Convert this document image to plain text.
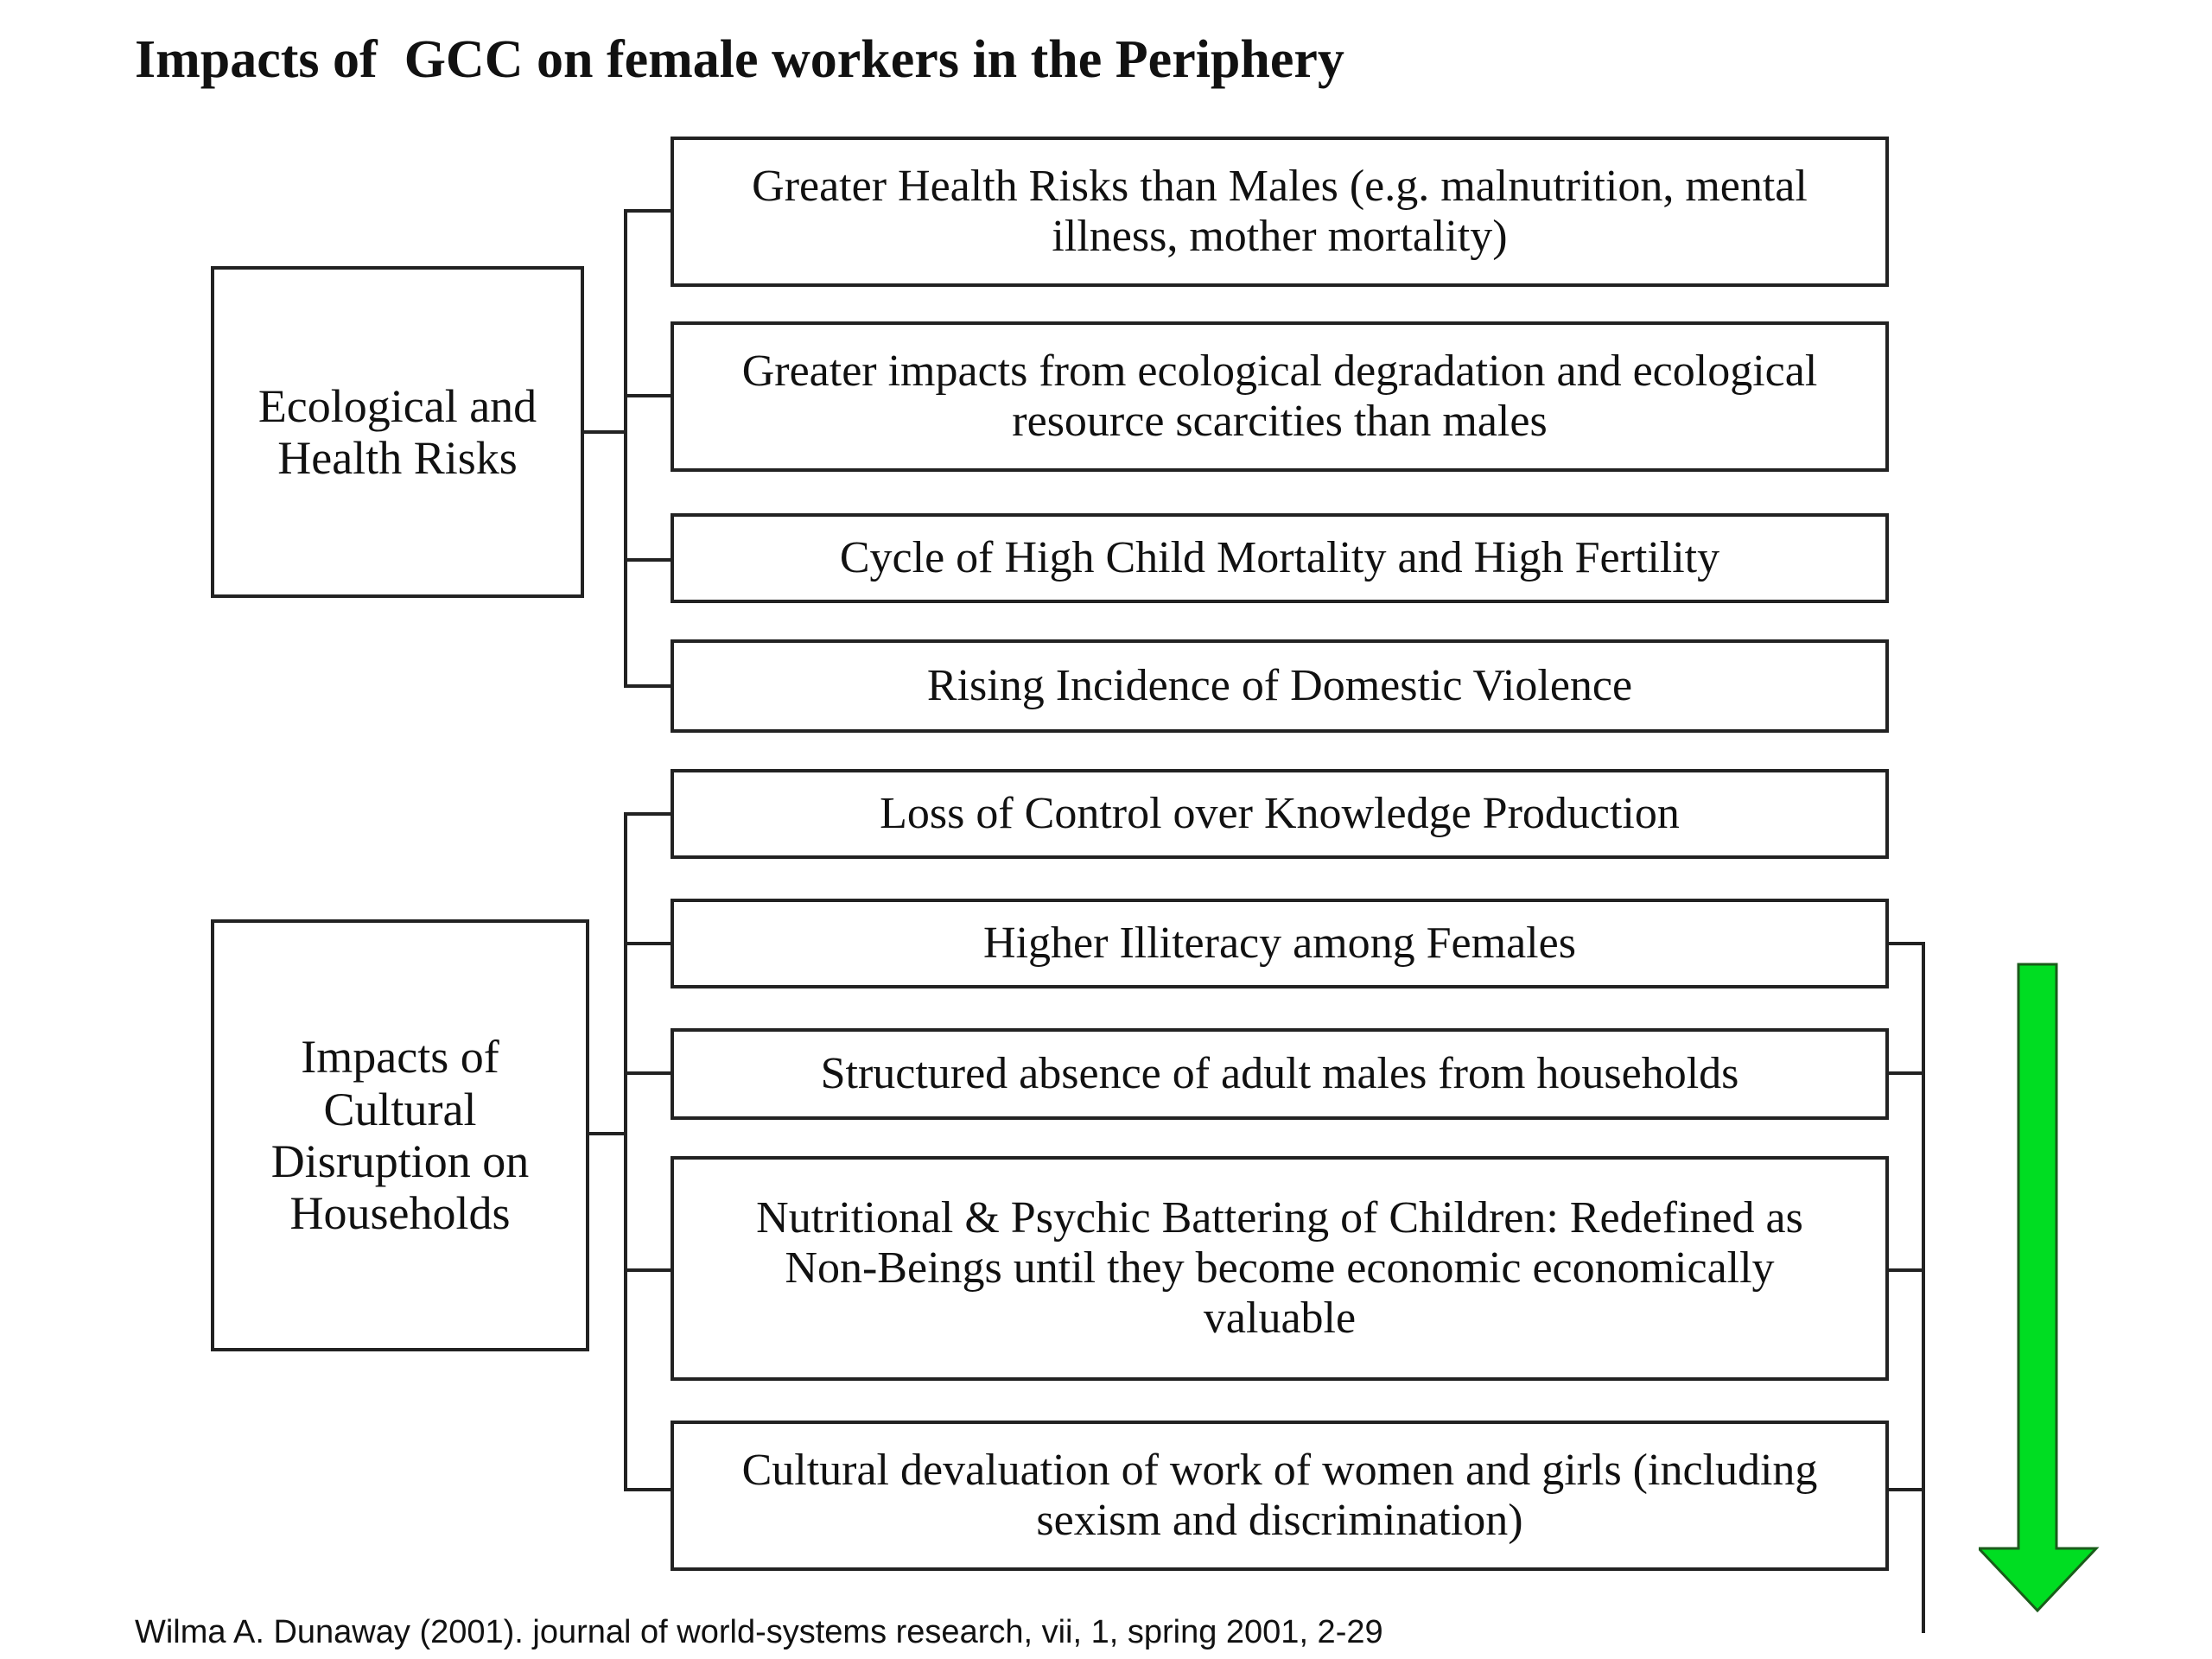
Impacts of  GCC on female workers in the Periphery
Ecological and Health Risks
Greater Health Risks than Males (e.g. malnutrition, mental illness, mother mortality)
Greater impacts from ecological degradation and ecological resource scarcities than males
Cycle of High Child Mortality and High Fertility
Rising Incidence of Domestic Violence
Impacts of Cultural Disruption on Households
Loss of Control over Knowledge Production
Higher Illiteracy among Females
Structured absence of adult males from households
Nutritional & Psychic Battering of Children: Redefined as Non-Beings until they become economic economically valuable
Cultural devaluation of work of women and girls (including sexism and discrimination)
Wilma A. Dunaway (2001). journal of world-systems research, vii, 1, spring 2001, 2-29
